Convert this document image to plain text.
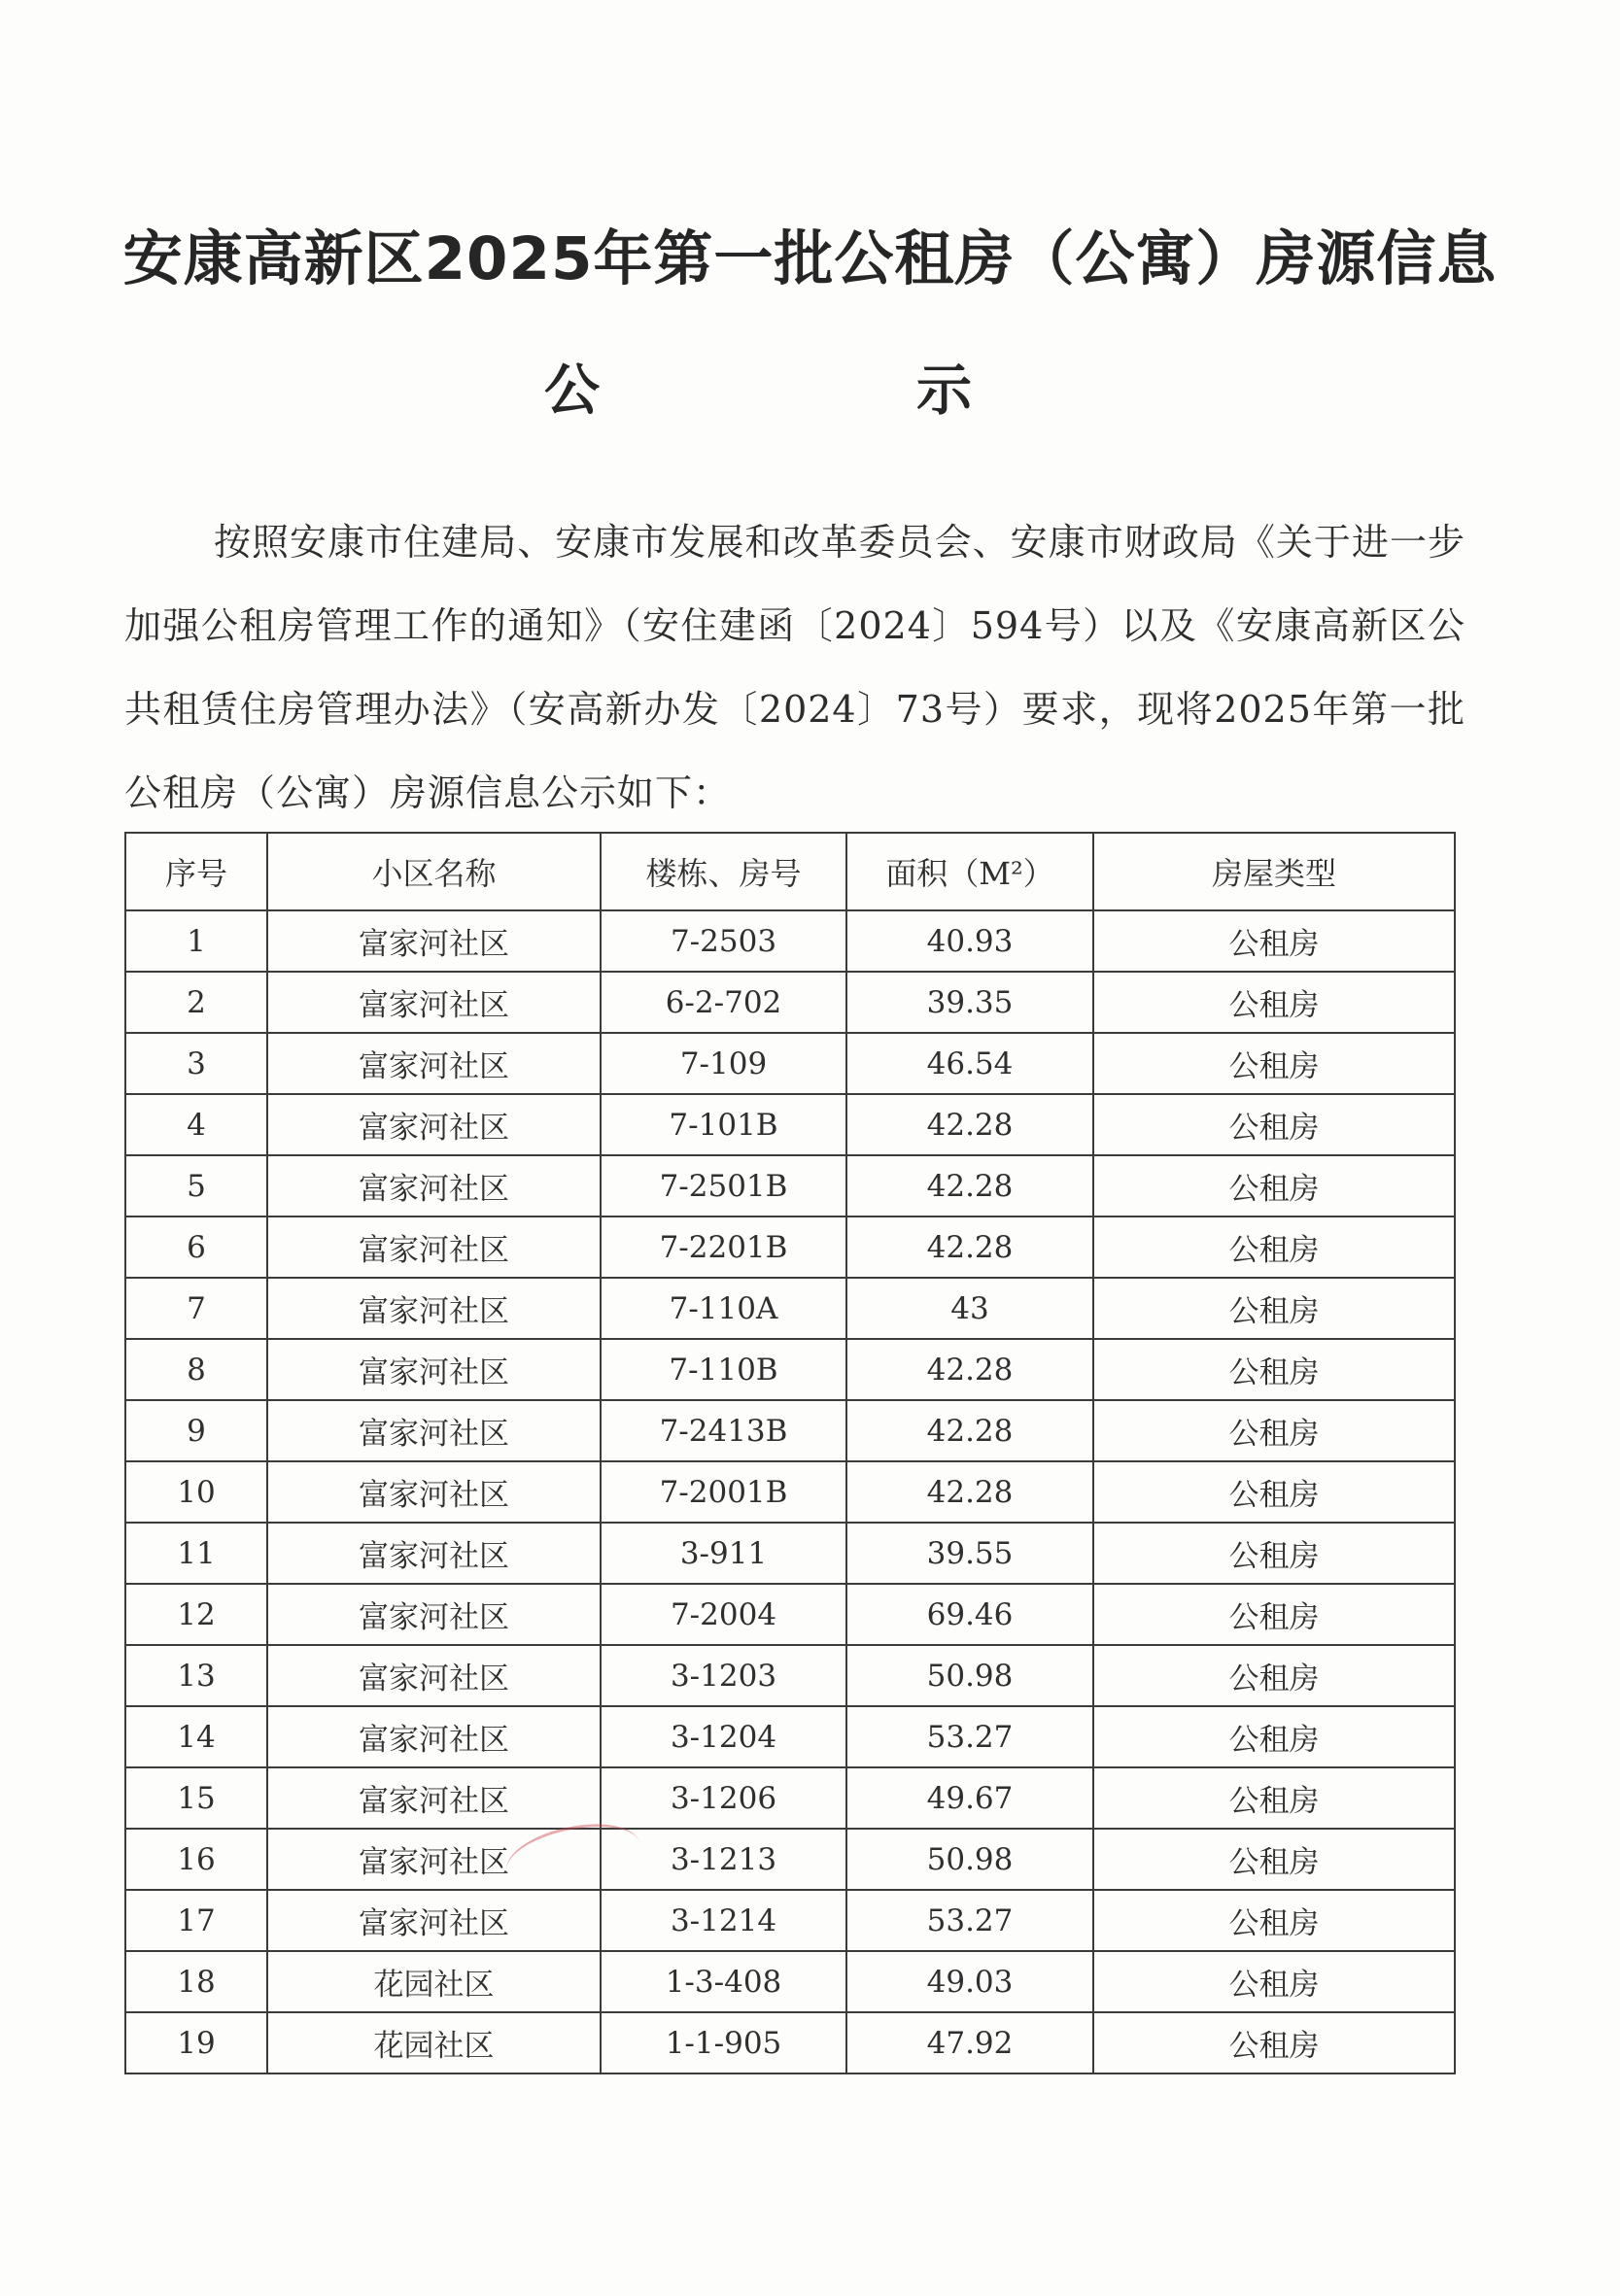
安康高新区2025年第一批公租房（公寓）房源信息
公	示
按照安康市住建局、安康市发展和改革委员会、安康市财政局《关于进一步加强公租房管理工作的通知》（安住建函〔2024〕594号）以及《安康高新区公共租赁住房管理办法》（安高新办发〔2024〕73号）要求，现将2025年第一批公租房（公寓）房源信息公示如下：
序号	小区名称	楼栋、房号	面积（M²）	房屋类型
1	富家河社区	7-2503	40.93	公租房
2	富家河社区	6-2-702	39.35	公租房
3	富家河社区	7-109	46.54	公租房
4	富家河社区	7-101B	42.28	公租房
5	富家河社区	7-2501B	42.28	公租房
6	富家河社区	7-2201B	42.28	公租房
7	富家河社区	7-110A	43	公租房
8	富家河社区	7-110B	42.28	公租房
9	富家河社区	7-2413B	42.28	公租房
10	富家河社区	7-2001B	42.28	公租房
11	富家河社区	3-911	39.55	公租房
12	富家河社区	7-2004	69.46	公租房
13	富家河社区	3-1203	50.98	公租房
14	富家河社区	3-1204	53.27	公租房
15	富家河社区	3-1206	49.67	公租房
16	富家河社区	3-1213	50.98	公租房
17	富家河社区	3-1214	53.27	公租房
18	花园社区	1-3-408	49.03	公租房
19	花园社区	1-1-905	47.92	公租房
